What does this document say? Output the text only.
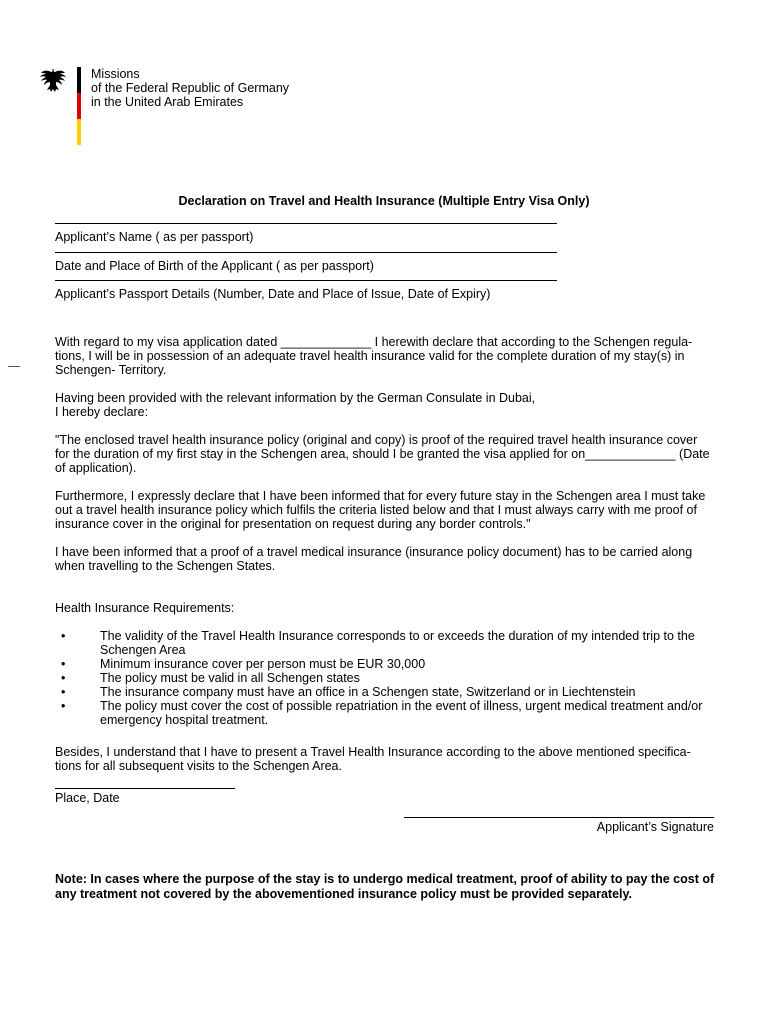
Missions
of the Federal Republic of Germany
in the United Arab Emirates
Declaration on Travel and Health Insurance (Multiple Entry Visa Only)
Applicant’s Name ( as per passport)
Date and Place of Birth of the Applicant ( as per passport)
Applicant’s Passport Details (Number, Date and Place of Issue, Date of Expiry)

With regard to my visa application dated _____________ I herewith declare that according to the Schengen regula-tions, I will be in possession of an adequate travel health insurance valid for the complete duration of my stay(s) in Schengen- Territory.

Having been provided with the relevant information by the German Consulate in Dubai,

I hereby declare:

"The enclosed travel health insurance policy (original and copy) is proof of the required travel health insurance cover for the duration of my first stay in the Schengen area, should I be granted the visa applied for on_____________ (Date of application).

Furthermore, I expressly declare that I have been informed that for every future stay in the Schengen area I must take out a travel health insurance policy which fulfils the criteria listed below and that I must always carry with me proof of insurance cover in the original for presentation on request during any border controls."

I have been informed that a proof of a travel medical insurance (insurance policy document) has to be carried along when travelling to the Schengen States.

Health Insurance Requirements:

•	The validity of the Travel Health Insurance corresponds to or exceeds the duration of my intended trip to the Schengen Area
•	Minimum insurance cover per person must be EUR 30,000
•	The policy must be valid in all Schengen states
•	The insurance company must have an office in a Schengen state, Switzerland or in Liechtenstein
•	The policy must cover the cost of possible repatriation in the event of illness, urgent medical treatment and/or emergency hospital treatment.

Besides, I understand that I have to present a Travel Health Insurance according to the above mentioned specifica-tions for all subsequent visits to the Schengen Area.

Place, Date
Applicant’s Signature
Note: In cases where the purpose of the stay is to undergo medical treatment, proof of ability to pay the cost of any treatment not covered by the abovementioned insurance policy must be provided separately.
